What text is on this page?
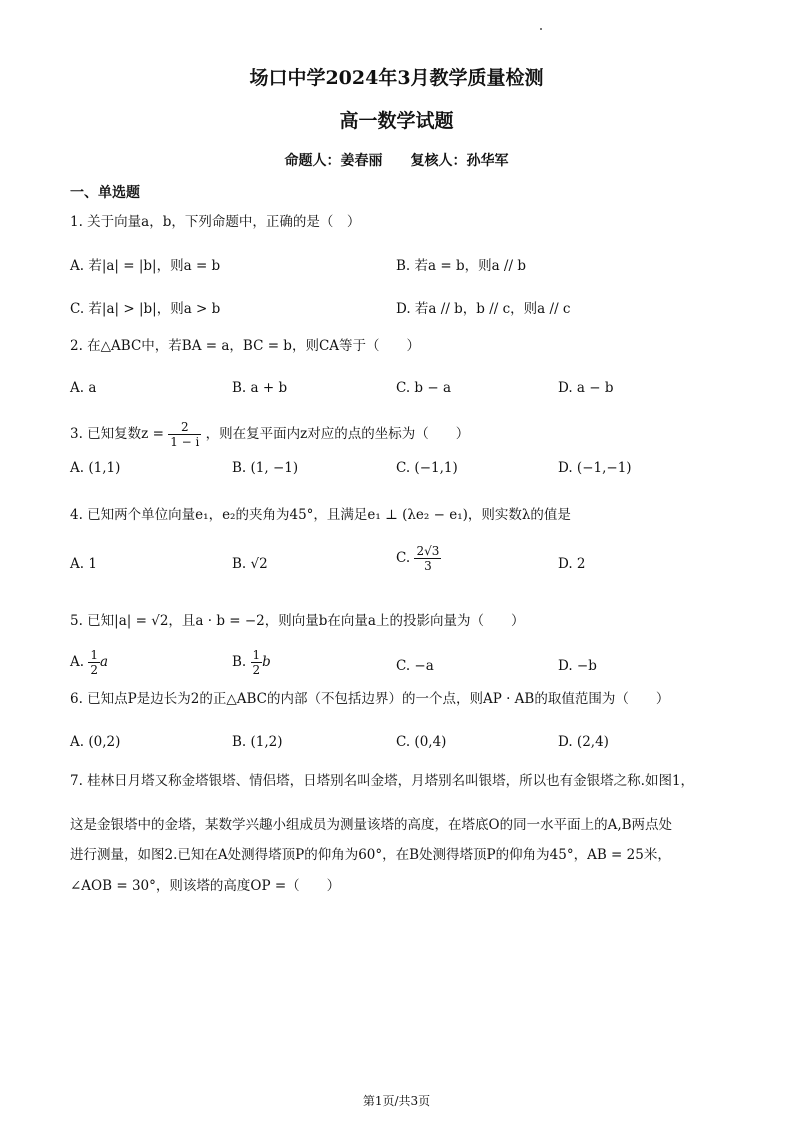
场口中学2024年3月教学质量检测
高一数学试题
命题人：姜春丽 复核人：孙华军
一、单选题
1. 关于向量a，b，下列命题中，正确的是（　）
A. 若|a| = |b|，则a = b	B. 若a = b，则a // b
C. 若|a| > |b|，则a > b	D. 若a // b，b // c，则a // c
2. 在△ABC中，若BA = a，BC = b，则CA等于（　　）
A. a	B. a + b	C. b − a	D. a − b
3. 已知复数$z = \frac{2}{1 - i}$ ，则在复平面内z对应的点的坐标为（　　）
A. (1,1)	B. (1, −1)	C. (−1,1)	D. (−1,−1)
4. 已知两个单位向量e₁，e₂的夹角为45°，且满足e₁ ⊥ (λe₂ − e₁)，则实数λ的值是
A. 1	B. √2	C. $\frac{2√3}{3}$	D. 2
5. 已知|a| = √2，且a · b = −2，则向量b在向量a上的投影向量为（　　）
A. $\frac{1}{2}$ a	B. $\frac{1}{2}$ b	C. −a	D. −b
6. 已知点P是边长为2的正△ABC的内部（不包括边界）的一个点，则AP · AB的取值范围为（　　）
A. (0,2)	B. (1,2)	C. (0,4)	D. (2,4)
7. 桂林日月塔又称金塔银塔、情侣塔，日塔别名叫金塔，月塔别名叫银塔，所以也有金银塔之称.如图1，
这是金银塔中的金塔，某数学兴趣小组成员为测量该塔的高度，在塔底O的同一水平面上的A,B两点处
进行测量，如图2.已知在A处测得塔顶P的仰角为60°，在B处测得塔顶P的仰角为45°，AB = 25米，
∠AOB = 30°，则该塔的高度OP =（　　）
第1页/共3页
